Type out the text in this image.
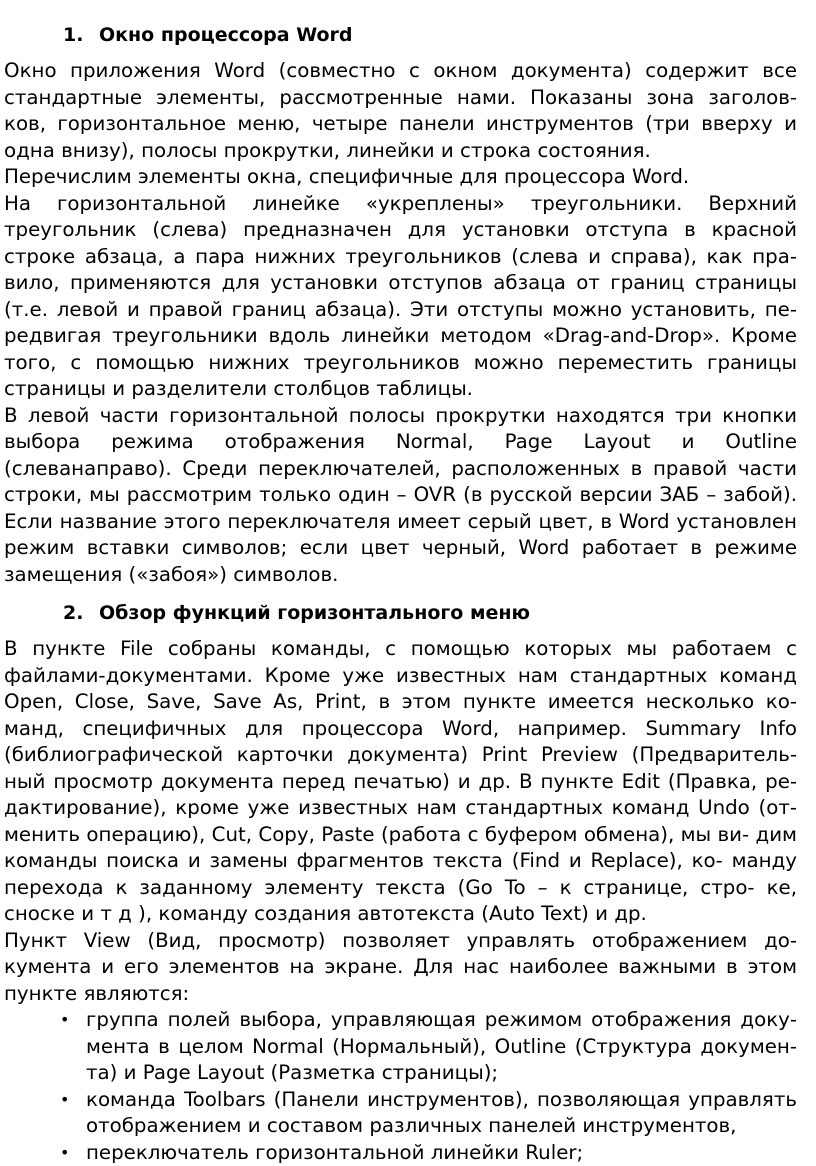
1. Окно процессора Word

Окно приложения Word (совместно с окном документа) содержит все стандартные элементы, рассмотренные нами. Показаны зона заголов- ков, горизонтальное меню, четыре панели инструментов (три вверху и одна внизу), полосы прокрутки, линейки и строка состояния.

Перечислим элементы окна, специфичные для процессора Word.

На горизонтальной линейке «укреплены» треугольники. Верхний треугольник (слева) предназначен для установки отступа в красной строке абзаца, а пара нижних треугольников (слева и справа), как пра- вило, применяются для установки отступов абзаца от границ страницы (т.е. левой и правой границ абзаца). Эти отступы можно установить, пе- редвигая треугольники вдоль линейки методом «Drag-and-Drop». Кроме того, с помощью нижних треугольников можно переместить границы страницы и разделители столбцов таблицы.

В левой части горизонтальной полосы прокрутки находятся три кнопки выбора режима отображения Normal, Page Layout и Outline (слеванаправо). Среди переключателей, расположенных в правой части строки, мы рассмотрим только один – OVR (в русской версии ЗАБ – забой). Если название этого переключателя имеет серый цвет, в Word установлен режим вставки символов; если цвет черный, Word работает в режиме замещения («забоя») символов.

2. Обзор функций горизонтального меню

В пункте File собраны команды, с помощью которых мы работаем с файлами-документами. Кроме уже известных нам стандартных команд Open, Close, Save, Save As, Print, в этом пункте имеется несколько ко- манд, специфичных для процессора Word, например. Summary Info (библиографической карточки документа) Print Preview (Предваритель- ный просмотр документа перед печатью) и др. В пункте Edit (Правка, ре- дактирование), кроме уже известных нам стандартных команд Undo (от- менить операцию), Cut, Copy, Paste (работа с буфером обмена), мы ви- дим команды поиска и замены фрагментов текста (Find и Replace), ко- манду перехода к заданному элементу текста (Go To – к странице, стро- ке, сноске и т д ), команду создания автотекста (Auto Text) и др.

Пункт View (Вид, просмотр) позволяет управлять отображением до- кумента и его элементов на экране. Для нас наиболее важными в этом пункте являются:

• группа полей выбора, управляющая режимом отображения доку- мента в целом Normal (Нормальный), Outline (Структура докумен- та) и Page Layout (Разметка страницы);
• команда Toolbars (Панели инструментов), позволяющая управлять отображением и составом различных панелей инструментов,
• переключатель горизонтальной линейки Ruler;
